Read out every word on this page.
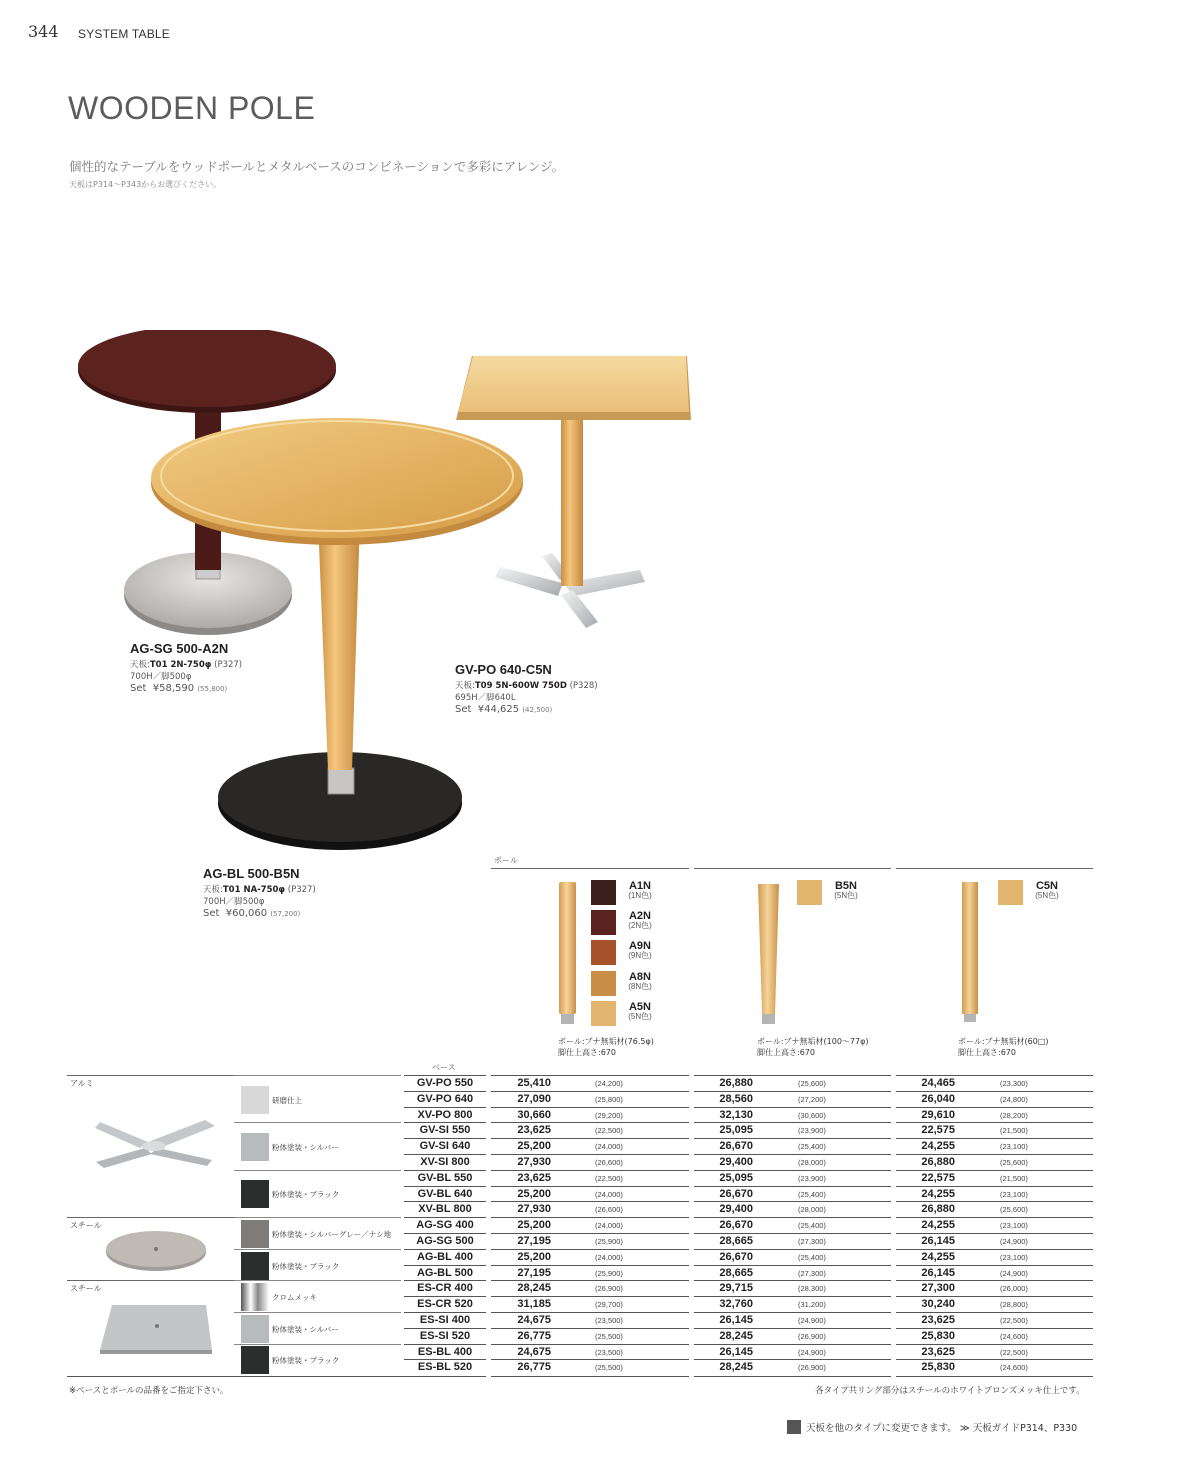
344 SYSTEM TABLE
WOODEN POLE
個性的なテーブルをウッドポールとメタルベースのコンビネーションで多彩にアレンジ。
天板はP314〜P343からお選びください。
AG-SG 500-A2N
天板:T01 2N-750φ (P327)
700H／脚500φ
Set ¥58,590 (55,800)
GV-PO 640-C5N
天板:T09 5N-600W 750D (P328)
695H／脚640L
Set ¥44,625 (42,500)
AG-BL 500-B5N
天板:T01 NA-750φ (P327)
700H／脚500φ
Set ¥60,060 (57,200)
ポール
A1N
(1N色)
A2N
(2N色)
A9N
(9N色)
A8N
(8N色)
A5N
(5N色)
ポール:ブナ無垢材(76.5φ)
脚仕上高さ:670
B5N
(5N色)
ポール:ブナ無垢材(100〜77φ)
脚仕上高さ:670
C5N
(5N色)
ポール:ブナ無垢材(60□)
脚仕上高さ:670
ベース
アルミ
研磨仕上
粉体塗装・シルバー
粉体塗装・ブラック
スチール
粉体塗装・シルバーグレー／ナシ地
粉体塗装・ブラック
スチール
クロムメッキ
粉体塗装・シルバー
粉体塗装・ブラック
GV-PO 550	25,410	(24,200)	26,880	(25,600)	24,465	(23,300)
GV-PO 640	27,090	(25,800)	28,560	(27,200)	26,040	(24,800)
XV-PO 800	30,660	(29,200)	32,130	(30,600)	29,610	(28,200)
GV-SI 550	23,625	(22,500)	25,095	(23,900)	22,575	(21,500)
GV-SI 640	25,200	(24,000)	26,670	(25,400)	24,255	(23,100)
XV-SI 800	27,930	(26,600)	29,400	(28,000)	26,880	(25,600)
GV-BL 550	23,625	(22,500)	25,095	(23,900)	22,575	(21,500)
GV-BL 640	25,200	(24,000)	26,670	(25,400)	24,255	(23,100)
XV-BL 800	27,930	(26,600)	29,400	(28,000)	26,880	(25,600)
AG-SG 400	25,200	(24,000)	26,670	(25,400)	24,255	(23,100)
AG-SG 500	27,195	(25,900)	28,665	(27,300)	26,145	(24,900)
AG-BL 400	25,200	(24,000)	26,670	(25,400)	24,255	(23,100)
AG-BL 500	27,195	(25,900)	28,665	(27,300)	26,145	(24,900)
ES-CR 400	28,245	(26,900)	29,715	(28,300)	27,300	(26,000)
ES-CR 520	31,185	(29,700)	32,760	(31,200)	30,240	(28,800)
ES-SI 400	24,675	(23,500)	26,145	(24,900)	23,625	(22,500)
ES-SI 520	26,775	(25,500)	28,245	(26,900)	25,830	(24,600)
ES-BL 400	24,675	(23,500)	26,145	(24,900)	23,625	(22,500)
ES-BL 520	26,775	(25,500)	28,245	(26,900)	25,830	(24,600)
※ベースとポールの品番をご指定下さい。	各タイプ共リング部分はスチールのホワイトブロンズメッキ仕上です。
天板を他のタイプに変更できます。 ≫ 天板ガイドP314、P330
